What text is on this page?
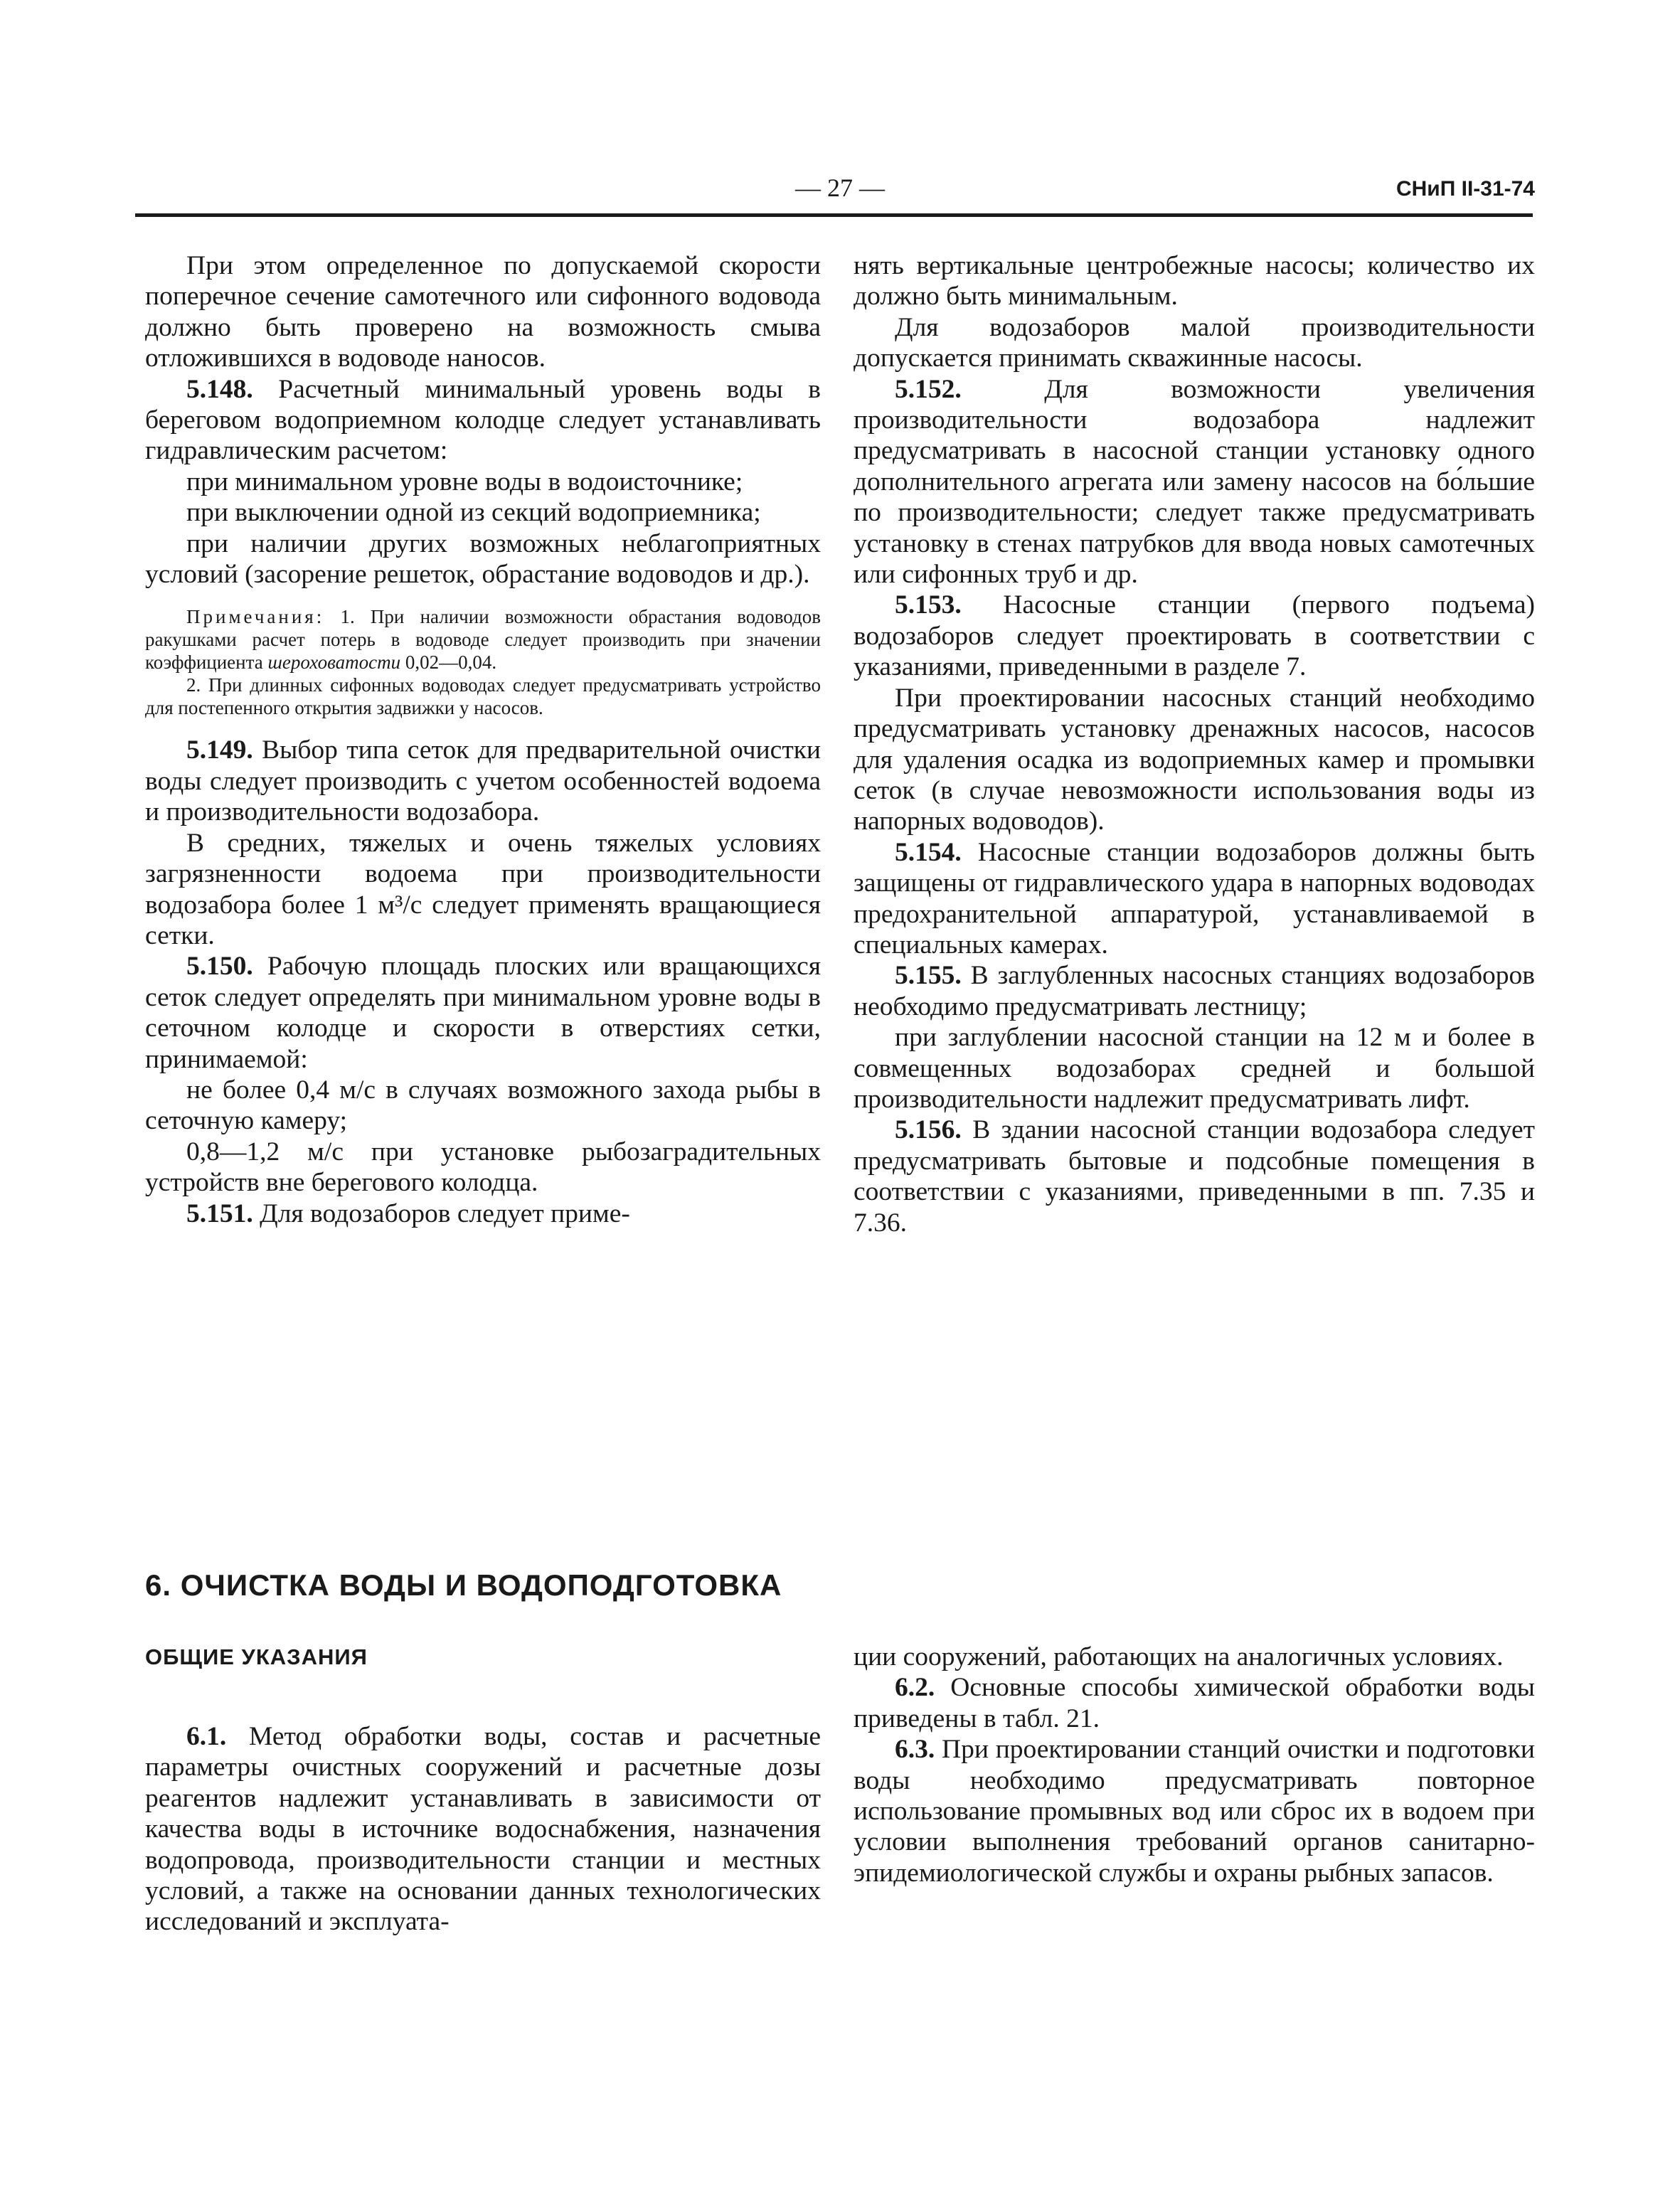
— 27 —	СНиП II-31-74

При этом определенное по допускаемой скорости поперечное сечение самотечного или сифонного водовода должно быть проверено на возможность смыва отложившихся в водоводе наносов.

5.148. Расчетный минимальный уровень воды в береговом водоприемном колодце следует устанавливать гидравлическим расчетом:

при минимальном уровне воды в водоисточнике;

при выключении одной из секций водоприемника;

при наличии других возможных неблагоприятных условий (засорение решеток, обрастание водоводов и др.).

Примечания: 1. При наличии возможности обрастания водоводов ракушками расчет потерь в водоводе следует производить при значении коэффициента шероховатости 0,02—0,04.

2. При длинных сифонных водоводах следует предусматривать устройство для постепенного открытия задвижки у насосов.

5.149. Выбор типа сеток для предварительной очистки воды следует производить с учетом особенностей водоема и производительности водозабора.

В средних, тяжелых и очень тяжелых условиях загрязненности водоема при производительности водозабора более 1 м³/с следует применять вращающиеся сетки.

5.150. Рабочую площадь плоских или вращающихся сеток следует определять при минимальном уровне воды в сеточном колодце и скорости в отверстиях сетки, принимаемой:

не более 0,4 м/с в случаях возможного захода рыбы в сеточную камеру;

0,8—1,2 м/с при установке рыбозаградительных устройств вне берегового колодца.

5.151. Для водозаборов следует приме-

нять вертикальные центробежные насосы; количество их должно быть минимальным.

Для водозаборов малой производительности допускается принимать скважинные насосы.

5.152. Для возможности увеличения производительности водозабора надлежит предусматривать в насосной станции установку одного дополнительного агрегата или замену насосов на бо́льшие по производительности; следует также предусматривать установку в стенах патрубков для ввода новых самотечных или сифонных труб и др.

5.153. Насосные станции (первого подъема) водозаборов следует проектировать в соответствии с указаниями, приведенными в разделе 7.

При проектировании насосных станций необходимо предусматривать установку дренажных насосов, насосов для удаления осадка из водоприемных камер и промывки сеток (в случае невозможности использования воды из напорных водоводов).

5.154. Насосные станции водозаборов должны быть защищены от гидравлического удара в напорных водоводах предохранительной аппаратурой, устанавливаемой в специальных камерах.

5.155. В заглубленных насосных станциях водозаборов необходимо предусматривать лестницу;

при заглублении насосной станции на 12 м и более в совмещенных водозаборах средней и большой производительности надлежит предусматривать лифт.

5.156. В здании насосной станции водозабора следует предусматривать бытовые и подсобные помещения в соответствии с указаниями, приведенными в пп. 7.35 и 7.36.

6. ОЧИСТКА ВОДЫ И ВОДОПОДГОТОВКА
ОБЩИЕ УКАЗАНИЯ

6.1. Метод обработки воды, состав и расчетные параметры очистных сооружений и расчетные дозы реагентов надлежит устанавливать в зависимости от качества воды в источнике водоснабжения, назначения водопровода, производительности станции и местных условий, а также на основании данных технологических исследований и эксплуата-

ции сооружений, работающих на аналогичных условиях.

6.2. Основные способы химической обработки воды приведены в табл. 21.

6.3. При проектировании станций очистки и подготовки воды необходимо предусматривать повторное использование промывных вод или сброс их в водоем при условии выполнения требований органов санитарно-эпидемиологической службы и охраны рыбных запасов.
